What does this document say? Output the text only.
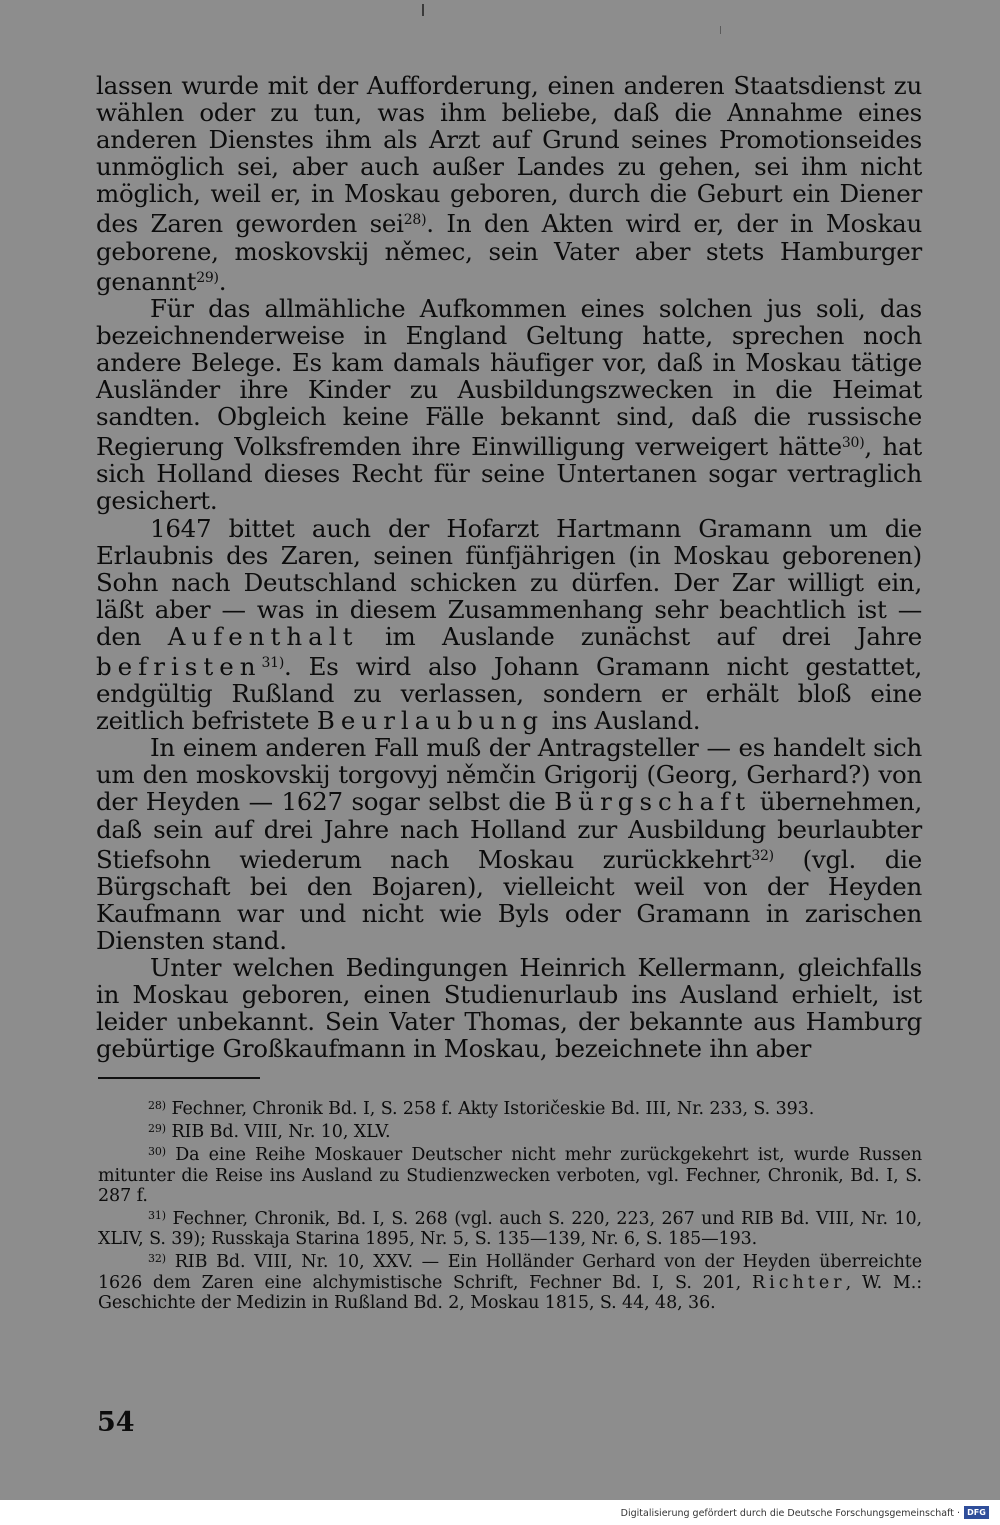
lassen wurde mit der Aufforderung, einen anderen Staatsdienst zu wählen oder zu tun, was ihm beliebe, daß die Annahme eines anderen Dienstes ihm als Arzt auf Grund seines Promotionseides unmöglich sei, aber auch außer Landes zu gehen, sei ihm nicht möglich, weil er, in Moskau geboren, durch die Geburt ein Diener des Zaren geworden sei$^{28)}$. In den Akten wird er, der in Moskau geborene, moskovskij němec, sein Vater aber stets Hamburger genannt$^{29)}$.

Für das allmähliche Aufkommen eines solchen jus soli, das bezeichnenderweise in England Geltung hatte, sprechen noch andere Belege. Es kam damals häufiger vor, daß in Moskau tätige Ausländer ihre Kinder zu Ausbildungszwecken in die Heimat sandten. Obgleich keine Fälle bekannt sind, daß die russische Regierung Volksfremden ihre Einwilligung verweigert hätte$^{30)}$, hat sich Holland dieses Recht für seine Untertanen sogar vertraglich gesichert.

1647 bittet auch der Hofarzt Hartmann Gramann um die Erlaubnis des Zaren, seinen fünfjährigen (in Moskau geborenen) Sohn nach Deutschland schicken zu dürfen. Der Zar willigt ein, läßt aber — was in diesem Zusammenhang sehr beachtlich ist — den Aufenthalt im Auslande zunächst auf drei Jahre befristen$^{31)}$. Es wird also Johann Gramann nicht gestattet, endgültig Rußland zu verlassen, sondern er erhält bloß eine zeitlich befristete Beurlaubung ins Ausland.

In einem anderen Fall muß der Antragsteller — es handelt sich um den moskovskij torgovyj němčin Grigorij (Georg, Gerhard?) von der Heyden — 1627 sogar selbst die Bürgschaft übernehmen, daß sein auf drei Jahre nach Holland zur Ausbildung beurlaubter Stiefsohn wiederum nach Moskau zurückkehrt$^{32)}$ (vgl. die Bürgschaft bei den Bojaren), vielleicht weil von der Heyden Kaufmann war und nicht wie Byls oder Gramann in zarischen Diensten stand.

Unter welchen Bedingungen Heinrich Kellermann, gleichfalls in Moskau geboren, einen Studienurlaub ins Ausland erhielt, ist leider unbekannt. Sein Vater Thomas, der bekannte aus Hamburg gebürtige Großkaufmann in Moskau, bezeichnete ihn aber

$^{28)}$ Fechner, Chronik Bd. I, S. 258 f. Akty Istoričeskie Bd. III, Nr. 233, S. 393.

$^{29)}$ RIB Bd. VIII, Nr. 10, XLV.

$^{30)}$ Da eine Reihe Moskauer Deutscher nicht mehr zurückgekehrt ist, wurde Russen mitunter die Reise ins Ausland zu Studienzwecken verboten, vgl. Fechner, Chronik, Bd. I, S. 287 f.

$^{31)}$ Fechner, Chronik, Bd. I, S. 268 (vgl. auch S. 220, 223, 267 und RIB Bd. VIII, Nr. 10, XLIV, S. 39); Russkaja Starina 1895, Nr. 5, S. 135—139, Nr. 6, S. 185—193.

$^{32)}$ RIB Bd. VIII, Nr. 10, XXV. — Ein Holländer Gerhard von der Heyden überreichte 1626 dem Zaren eine alchymistische Schrift, Fechner Bd. I, S. 201, Richter, W. M.: Geschichte der Medizin in Rußland Bd. 2, Moskau 1815, S. 44, 48, 36.

54
Digitalisierung gefördert durch die Deutsche Forschungsgemeinschaft · DFG
